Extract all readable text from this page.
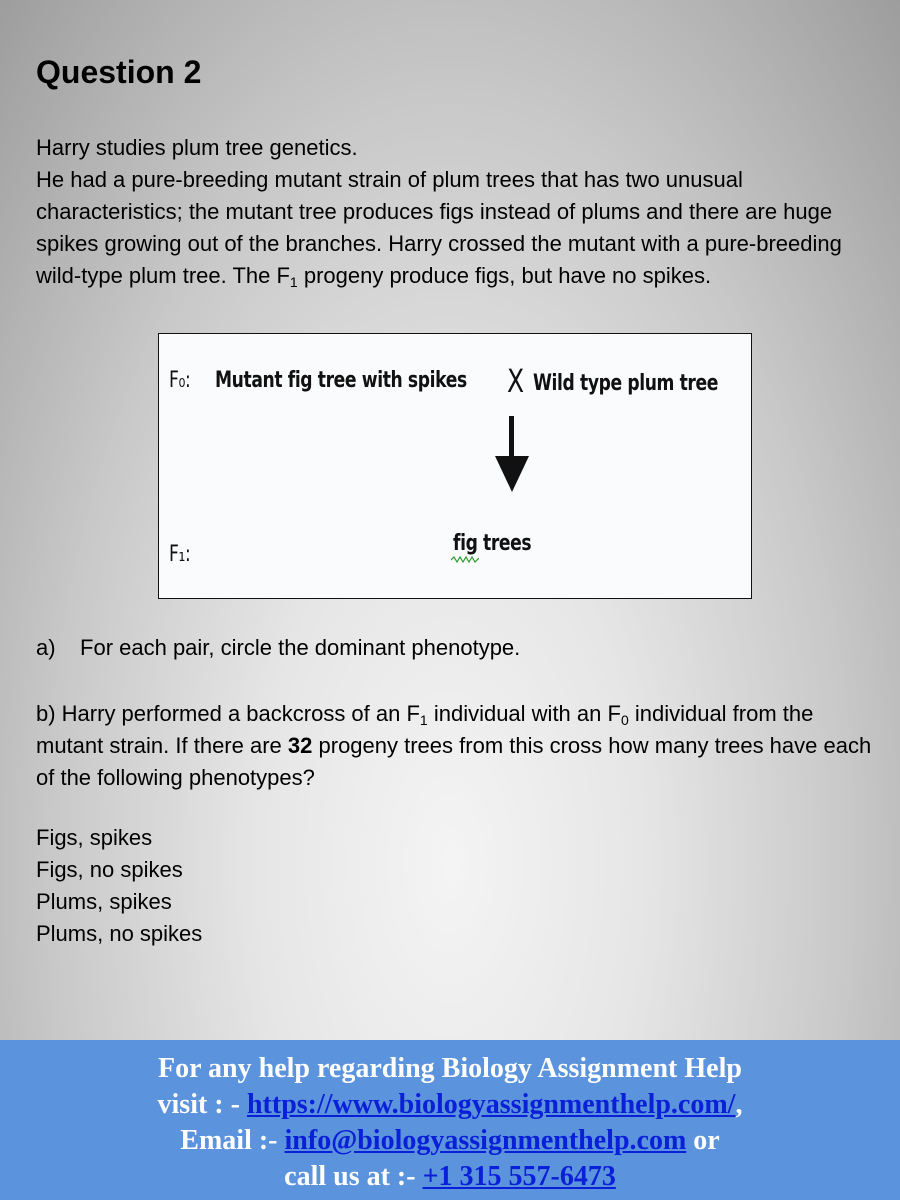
Question 2

Harry studies plum tree genetics.
He had a pure-breeding mutant strain of plum trees that has two unusual characteristics; the mutant tree produces figs instead of plums and there are huge spikes growing out of the branches. Harry crossed the mutant with a pure-breeding wild-type plum tree. The $F_1$ progeny produce figs, but have no spikes.

F₀: Mutant fig tree with spikes X Wild type plum tree
F₁:	fig trees

a) For each pair, circle the dominant phenotype.

b) Harry performed a backcross of an $F_1$ individual with an $F_0$ individual from the mutant strain. If there are 32 progeny trees from this cross how many trees have each of the following phenotypes?

Figs, spikes
Figs, no spikes
Plums, spikes
Plums, no spikes
For any help regarding Biology Assignment Help
visit : - https://www.biologyassignmenthelp.com/,
Email :- info@biologyassignmenthelp.com or
call us at :- +1 315 557-6473
